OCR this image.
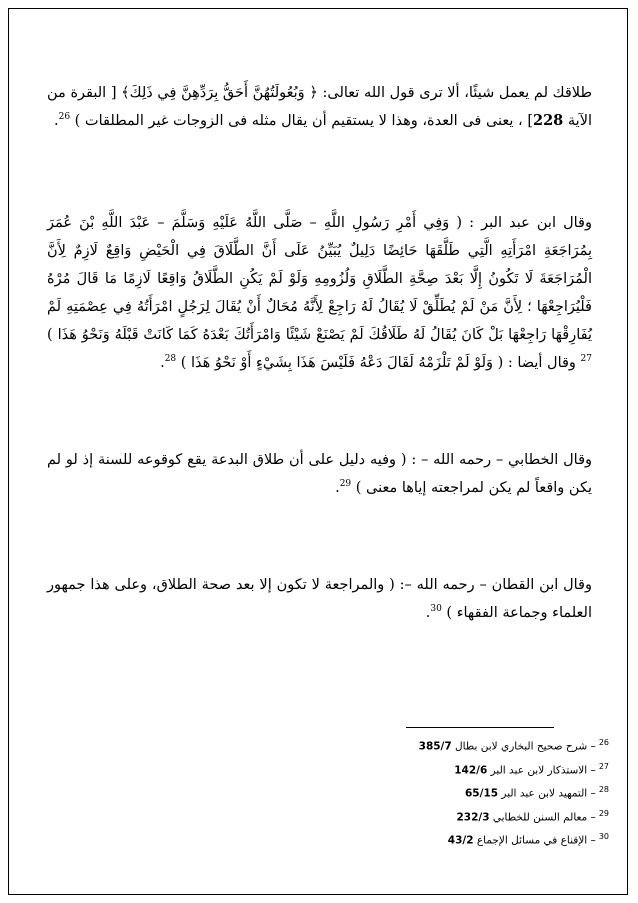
طلاقك لم يعمل شيئًا، ألا ترى قول الله تعالى: ﴿ وَبُعُولَتُهُنَّ أَحَقُّ بِرَدِّهِنَّ فِي ذَلِكَ﴾ [ البقرة من الآية 228] ، يعنى فى العدة، وهذا لا يستقيم أن يقال مثله فى الزوجات غير المطلقات ) $^{26}$.
وقال ابن عبد البر : ( وَفِي أَمْرِ رَسُولِ اللَّهِ – صَلَّى اللَّهُ عَلَيْهِ وَسَلَّمَ – عَبْدَ اللَّهِ بْنَ عُمَرَ بِمُرَاجَعَةِ امْرَأَتِهِ الَّتِي طَلَّقَهَا حَائِضًا دَلِيلٌ يُبَيِّنُ عَلَى أَنَّ الطَّلَاقَ فِي الْحَيْضِ وَاقِعٌ لَازِمٌ لِأَنَّ الْمُرَاجَعَةَ لَا تَكُونُ إِلَّا بَعْدَ صِحَّةِ الطَّلَاقِ وَلُزُومِهِ وَلَوْ لَمْ يَكُنِ الطَّلَاقُ وَاقِعًا لَازِمًا مَا قَالَ مُرْهُ فَلْيُرَاجِعْهَا ؛ لِأَنَّ مَنْ لَمْ يُطَلِّقْ لَا يُقَالُ لَهُ رَاجِعْ لِأَنَّهُ مُحَالٌ أَنْ يُقَالَ لِرَجُلٍ امْرَأَتُهُ فِي عِصْمَتِهِ لَمْ يُفَارِقْهَا رَاجِعْهَا بَلْ كَانَ يُقَالُ لَهُ طَلَاقُكَ لَمْ يَصْنَعْ شَيْئًا وَامْرَأَتُكَ بَعْدَهُ كَمَا كَانَتْ قَبْلَهُ وَنَحْوُ هَذَا ) $^{27}$ وقال أيضا : ( وَلَوْ لَمْ تَلْزَمْهُ لَقَالَ دَعْهُ فَلَيْسَ هَذَا بِشَيْءٍ أَوْ نَحْوُ هَذَا ) $^{28}$.
وقال الخطابي – رحمه الله – : ( وفيه دليل على أن طلاق البدعة يقع كوقوعه للسنة إذ لو لم يكن واقعاً لم يكن لمراجعته إياها معنى ) $^{29}$.
وقال ابن القطان – رحمه الله –: ( والمراجعة لا تكون إلا بعد صحة الطلاق، وعلى هذا جمهور العلماء وجماعة الفقهاء ) $^{30}$.
$^{26}$– شرح صحيح البخاري لابن بطال 385/7
$^{27}$– الاستذكار لابن عبد البر 142/6
$^{28}$– التمهيد لابن عبد البر 65/15
$^{29}$– معالم السنن للخطابي 232/3
$^{30}$– الإقناع في مسائل الإجماع 43/2
